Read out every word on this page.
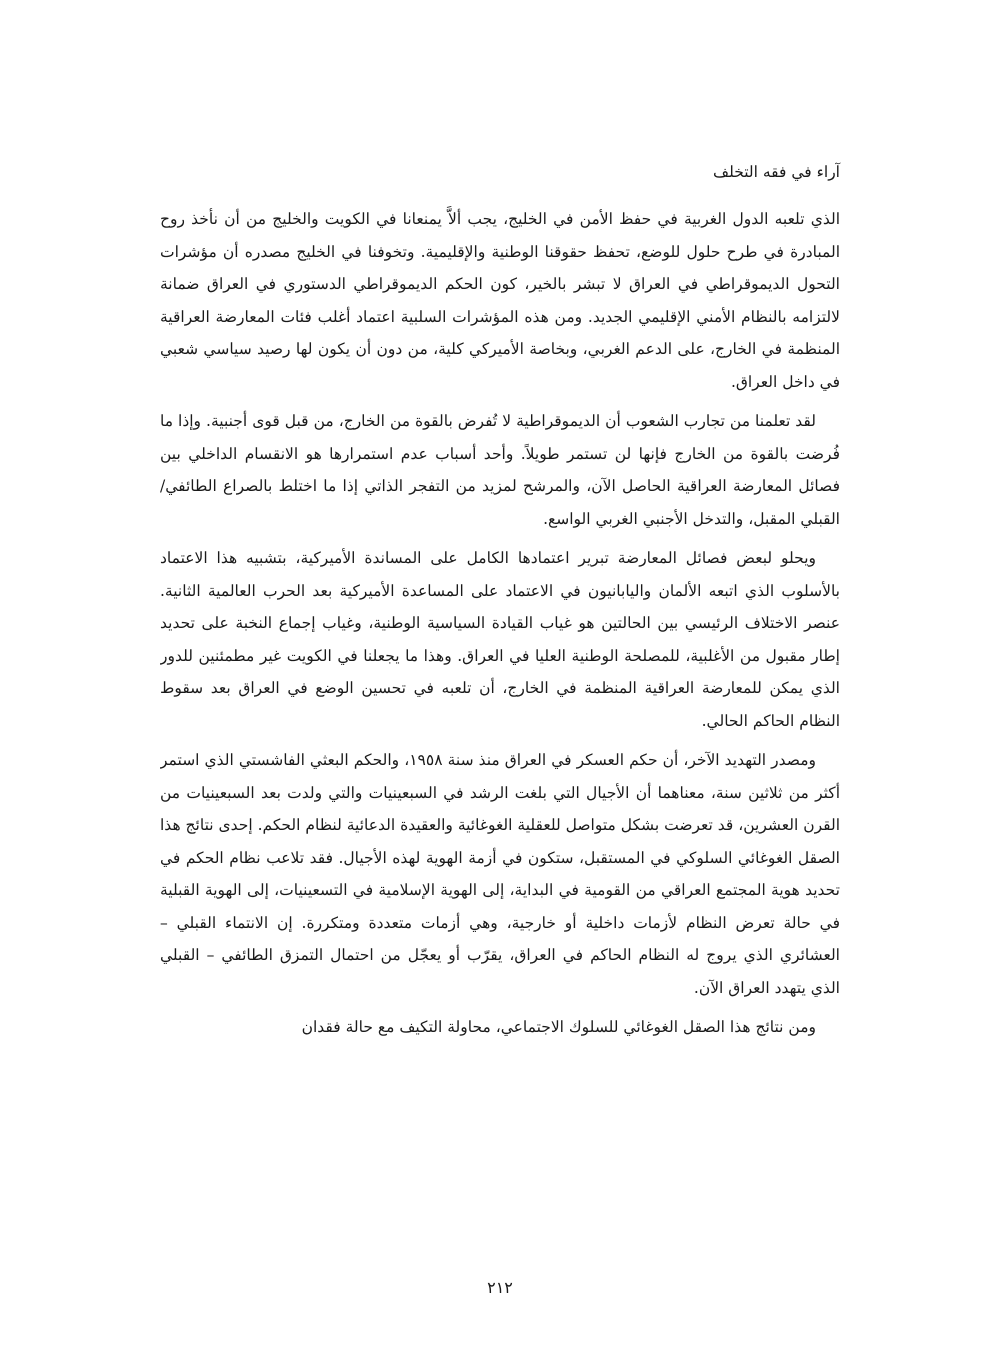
آراء في فقه التخلف

الذي تلعبه الدول الغربية في حفظ الأمن في الخليج، يجب ألاَّ يمنعانا في الكويت والخليج من أن نأخذ روح المبادرة في طرح حلول للوضع، تحفظ حقوقنا الوطنية والإقليمية. وتخوفنا في الخليج مصدره أن مؤشرات التحول الديموقراطي في العراق لا تبشر بالخير، كون الحكم الديموقراطي الدستوري في العراق ضمانة لالتزامه بالنظام الأمني الإقليمي الجديد. ومن هذه المؤشرات السلبية اعتماد أغلب فئات المعارضة العراقية المنظمة في الخارج، على الدعم الغربي، وبخاصة الأميركي كلية، من دون أن يكون لها رصيد سياسي شعبي في داخل العراق.

لقد تعلمنا من تجارب الشعوب أن الديموقراطية لا تُفرض بالقوة من الخارج، من قبل قوى أجنبية. وإذا ما فُرضت بالقوة من الخارج فإنها لن تستمر طويلاً. وأحد أسباب عدم استمرارها هو الانقسام الداخلي بين فصائل المعارضة العراقية الحاصل الآن، والمرشح لمزيد من التفجر الذاتي إذا ما اختلط بالصراع الطائفي/القبلي المقبل، والتدخل الأجنبي الغربي الواسع.

ويحلو لبعض فصائل المعارضة تبرير اعتمادها الكامل على المساندة الأميركية، بتشبيه هذا الاعتماد بالأسلوب الذي اتبعه الألمان واليابانيون في الاعتماد على المساعدة الأميركية بعد الحرب العالمية الثانية. عنصر الاختلاف الرئيسي بين الحالتين هو غياب القيادة السياسية الوطنية، وغياب إجماع النخبة على تحديد إطار مقبول من الأغلبية، للمصلحة الوطنية العليا في العراق. وهذا ما يجعلنا في الكويت غير مطمئنين للدور الذي يمكن للمعارضة العراقية المنظمة في الخارج، أن تلعبه في تحسين الوضع في العراق بعد سقوط النظام الحاكم الحالي.

ومصدر التهديد الآخر، أن حكم العسكر في العراق منذ سنة ١٩٥٨، والحكم البعثي الفاشستي الذي استمر أكثر من ثلاثين سنة، معناهما أن الأجيال التي بلغت الرشد في السبعينيات والتي ولدت بعد السبعينيات من القرن العشرين، قد تعرضت بشكل متواصل للعقلية الغوغائية والعقيدة الدعائية لنظام الحكم. إحدى نتائج هذا الصقل الغوغائي السلوكي في المستقبل، ستكون في أزمة الهوية لهذه الأجيال. فقد تلاعب نظام الحكم في تحديد هوية المجتمع العراقي من القومية في البداية، إلى الهوية الإسلامية في التسعينيات، إلى الهوية القبلية في حالة تعرض النظام لأزمات داخلية أو خارجية، وهي أزمات متعددة ومتكررة. إن الانتماء القبلي – العشائري الذي يروج له النظام الحاكم في العراق، يقرّب أو يعجّل من احتمال التمزق الطائفي – القبلي الذي يتهدد العراق الآن.

ومن نتائج هذا الصقل الغوغائي للسلوك الاجتماعي، محاولة التكيف مع حالة فقدان

٢١٢
